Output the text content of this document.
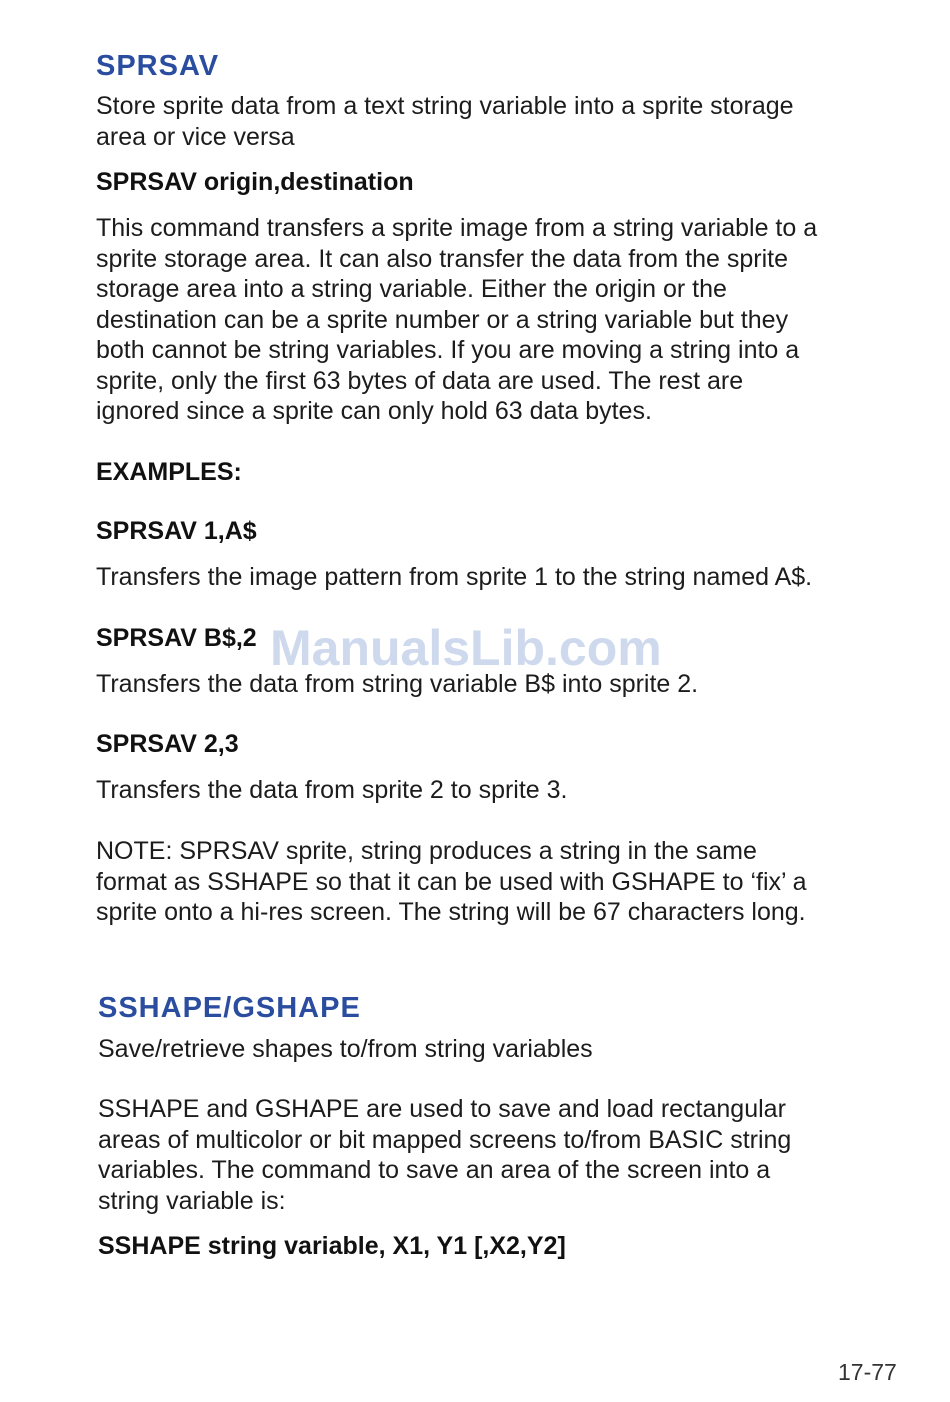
SPRSAV
Store sprite data from a text string variable into a sprite storage
area or vice versa
SPRSAV origin,destination
This command transfers a sprite image from a string variable to a
sprite storage area. It can also transfer the data from the sprite
storage area into a string variable. Either the origin or the
destination can be a sprite number or a string variable but they
both cannot be string variables. If you are moving a string into a
sprite, only the first 63 bytes of data are used. The rest are
ignored since a sprite can only hold 63 data bytes.
EXAMPLES:
SPRSAV 1,A$
Transfers the image pattern from sprite 1 to the string named A$.
SPRSAV B$,2
Transfers the data from string variable B$ into sprite 2.
SPRSAV 2,3
Transfers the data from sprite 2 to sprite 3.
NOTE: SPRSAV sprite, string produces a string in the same
format as SSHAPE so that it can be used with GSHAPE to ‘fix’ a
sprite onto a hi-res screen. The string will be 67 characters long.
SSHAPE/GSHAPE
Save/retrieve shapes to/from string variables
SSHAPE and GSHAPE are used to save and load rectangular
areas of multicolor or bit mapped screens to/from BASIC string
variables. The command to save an area of the screen into a
string variable is:
SSHAPE string variable, X1, Y1 [,X2,Y2]
ManualsLib.com
17-77
